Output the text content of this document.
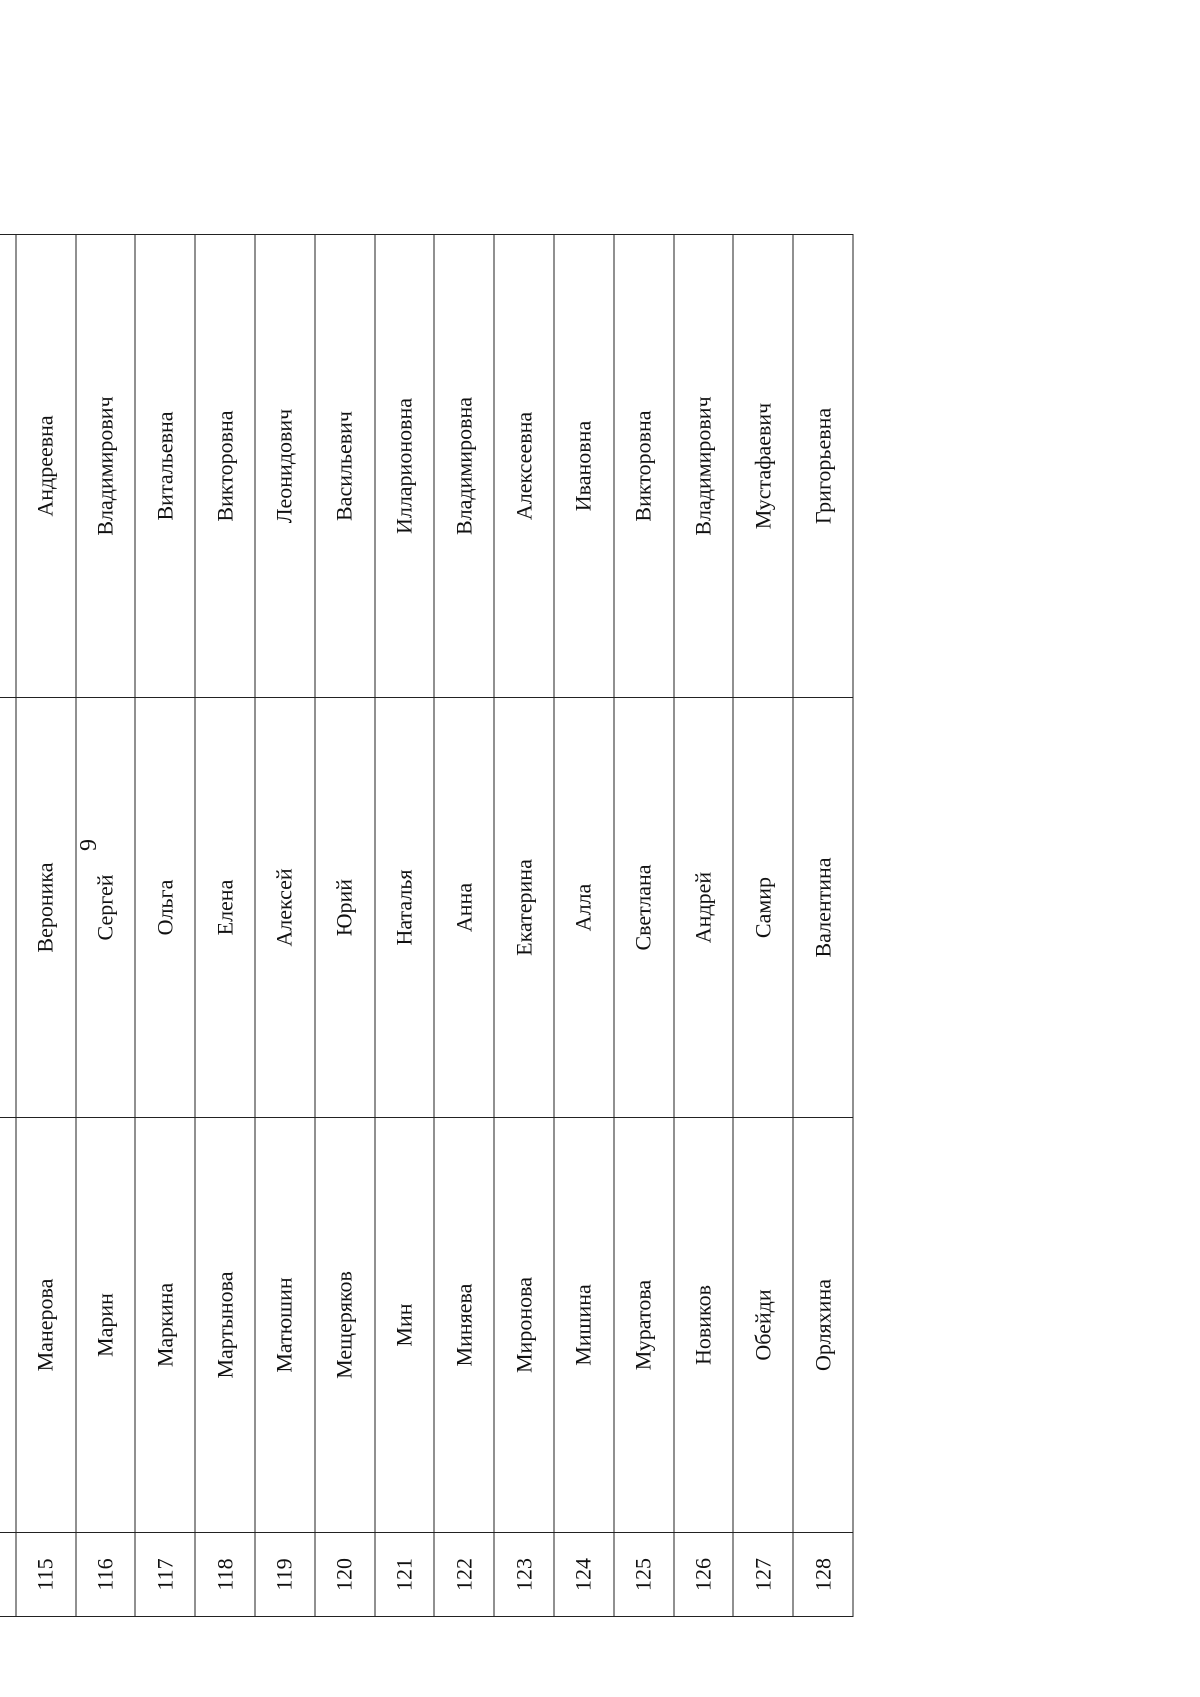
9

115	Манерова	Вероника	Андреевна
116	Марин	Сергей	Владимирович
117	Маркина	Ольга	Витальевна
118	Мартынова	Елена	Викторовна
119	Матюшин	Алексей	Леонидович
120	Мещеряков	Юрий	Васильевич
121	Мин	Наталья	Илларионовна
122	Миняева	Анна	Владимировна
123	Миронова	Екатерина	Алексеевна
124	Мишина	Алла	Ивановна
125	Муратова	Светлана	Викторовна
126	Новиков	Андрей	Владимирович
127	Обейди	Самир	Мустафаевич
128	Орляхина	Валентина	Григорьевна
